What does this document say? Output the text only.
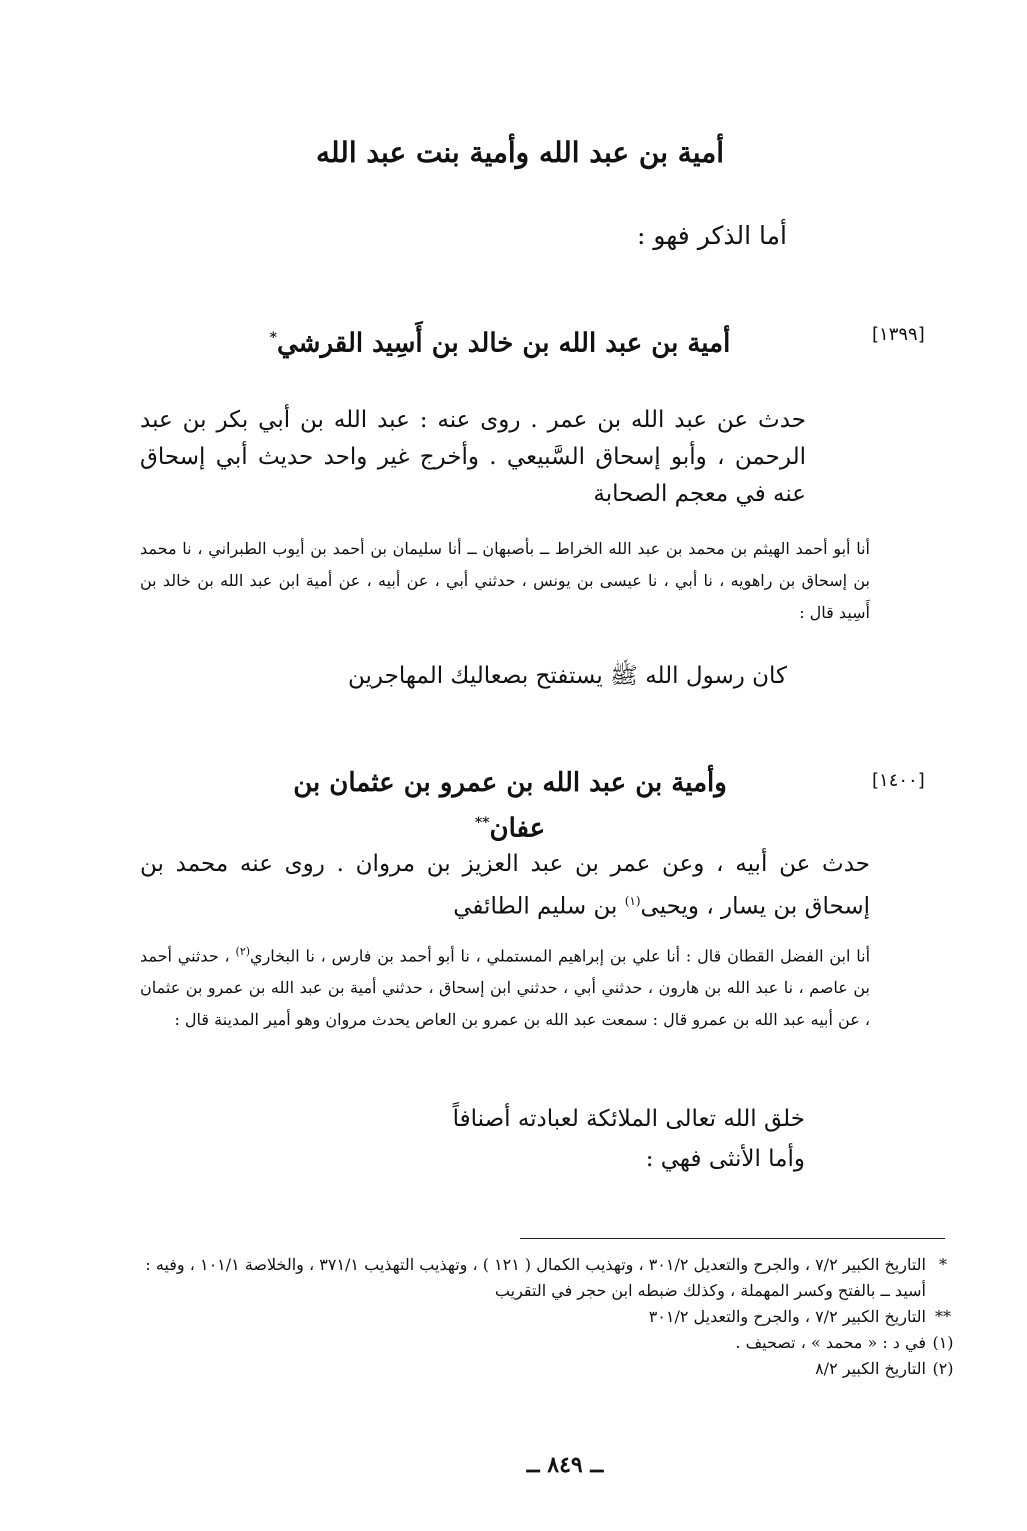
أمية بن عبد الله وأمية بنت عبد الله

أما الذكر فهو :

[١٣٩٩]
أمية بن عبد الله بن خالد بن أَسِيد القرشي*

حدث عن عبد الله بن عمر . روى عنه : عبد الله بن أبي بكر بن عبد الرحمن ، وأبو إسحاق السَّبيعي . وأخرج غير واحد حديث أبي إسحاق عنه في معجم الصحابة

أنا أبو أحمد الهيثم بن محمد بن عبد الله الخراط ــ بأصبهان ــ أنا سليمان بن أحمد بن أيوب الطبراني ، نا محمد بن إسحاق بن راهويه ، نا أبي ، نا عيسى بن يونس ، حدثني أبي ، عن أبيه ، عن أمية ابن عبد الله بن خالد بن أَسِيد قال :

كان رسول الله ﷺ يستفتح بصعاليك المهاجرين

[١٤٠٠]
وأمية بن عبد الله بن عمرو بن عثمان بن عفان**

حدث عن أبيه ، وعن عمر بن عبد العزيز بن مروان . روى عنه محمد بن إسحاق بن يسار ، ويحيى$^{(١)}$ بن سليم الطائفي

أنا ابن الفضل القطان قال : أنا علي بن إبراهيم المستملي ، نا أبو أحمد بن فارس ، نا البخاري$^{(٢)}$ ، حدثني أحمد بن عاصم ، نا عبد الله بن هارون ، حدثني أبي ، حدثني ابن إسحاق ، حدثني أمية بن عبد الله بن عمرو بن عثمان ، عن أبيه عبد الله بن عمرو قال : سمعت عبد الله بن عمرو بن العاص يحدث مروان وهو أمير المدينة قال :

خلق الله تعالى الملائكة لعبادته أصنافاً

وأما الأنثى فهي :

*
التاريخ الكبير ٧/٢ ، والجرح والتعديل ٣٠١/٢ ، وتهذيب الكمال ( ١٢١ ) ، وتهذيب التهذيب ٣٧١/١ ، والخلاصة ١٠١/١ ، وفيه : أسيد ــ بالفتح وكسر المهملة ، وكذلك ضبطه ابن حجر في التقريب
**
التاريخ الكبير ٧/٢ ، والجرح والتعديل ٣٠١/٢
(١)
في د : « محمد » ، تصحيف .
(٢)
التاريخ الكبير ٨/٢
ــ ٨٤٩ ــ
